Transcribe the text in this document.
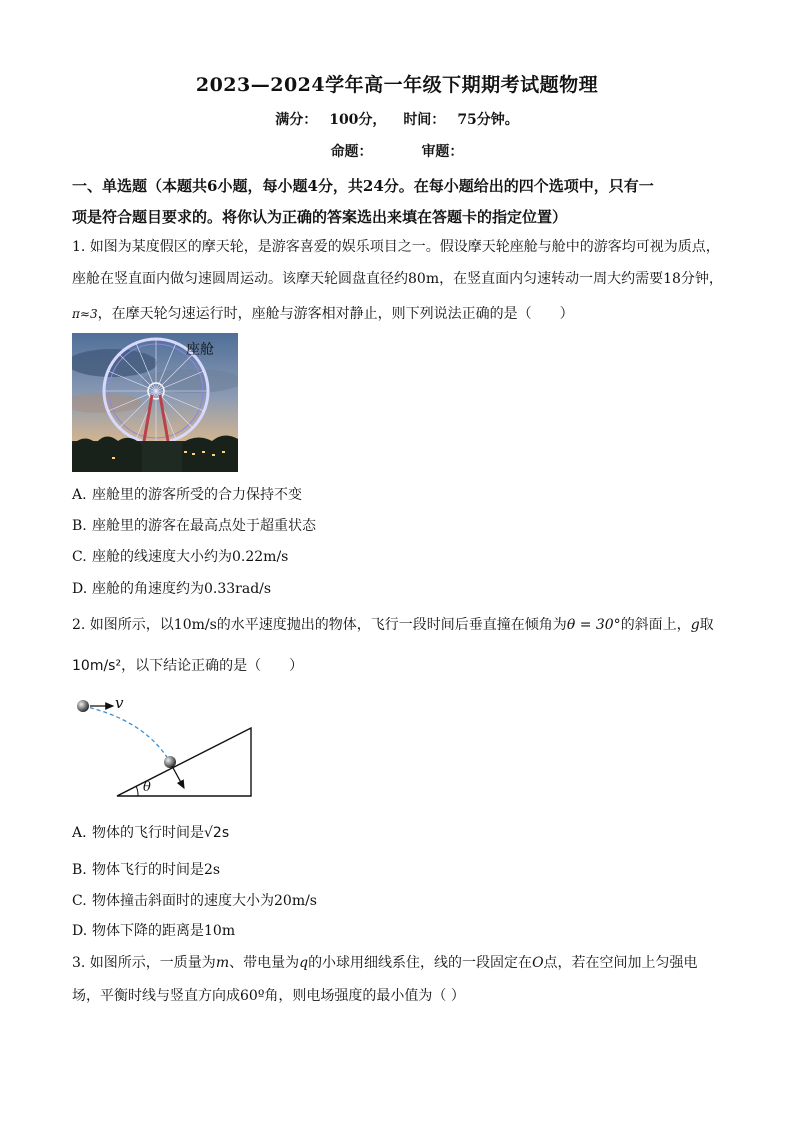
2023—2024学年高一年级下期期考试题物理
满分： 100分， 时间： 75分钟。
命题：	审题：
一、单选题（本题共6小题，每小题4分，共24分。在每小题给出的四个选项中，只有一
项是符合题目要求的。将你认为正确的答案选出来填在答题卡的指定位置）
1. 如图为某度假区的摩天轮，是游客喜爱的娱乐项目之一。假设摩天轮座舱与舱中的游客均可视为质点，
座舱在竖直面内做匀速圆周运动。该摩天轮圆盘直径约80m，在竖直面内匀速转动一周大约需要18分钟，
π≈3，在摩天轮匀速运行时，座舱与游客相对静止，则下列说法正确的是（　　）
座舱
A. 座舱里的游客所受的合力保持不变
B. 座舱里的游客在最高点处于超重状态
C. 座舱的线速度大小约为0.22m/s
D. 座舱的角速度约为0.33rad/s
2. 如图所示，以10m/s的水平速度抛出的物体，飞行一段时间后垂直撞在倾角为θ = 30°的斜面上，g取
10m/s²，以下结论正确的是（　　）
v
θ
A. 物体的飞行时间是√2s
B. 物体飞行的时间是2s
C. 物体撞击斜面时的速度大小为20m/s
D. 物体下降的距离是10m
3. 如图所示，一质量为m、带电量为q的小球用细线系住，线的一段固定在O点，若在空间加上匀强电
场，平衡时线与竖直方向成60º角，则电场强度的最小值为（ ）
